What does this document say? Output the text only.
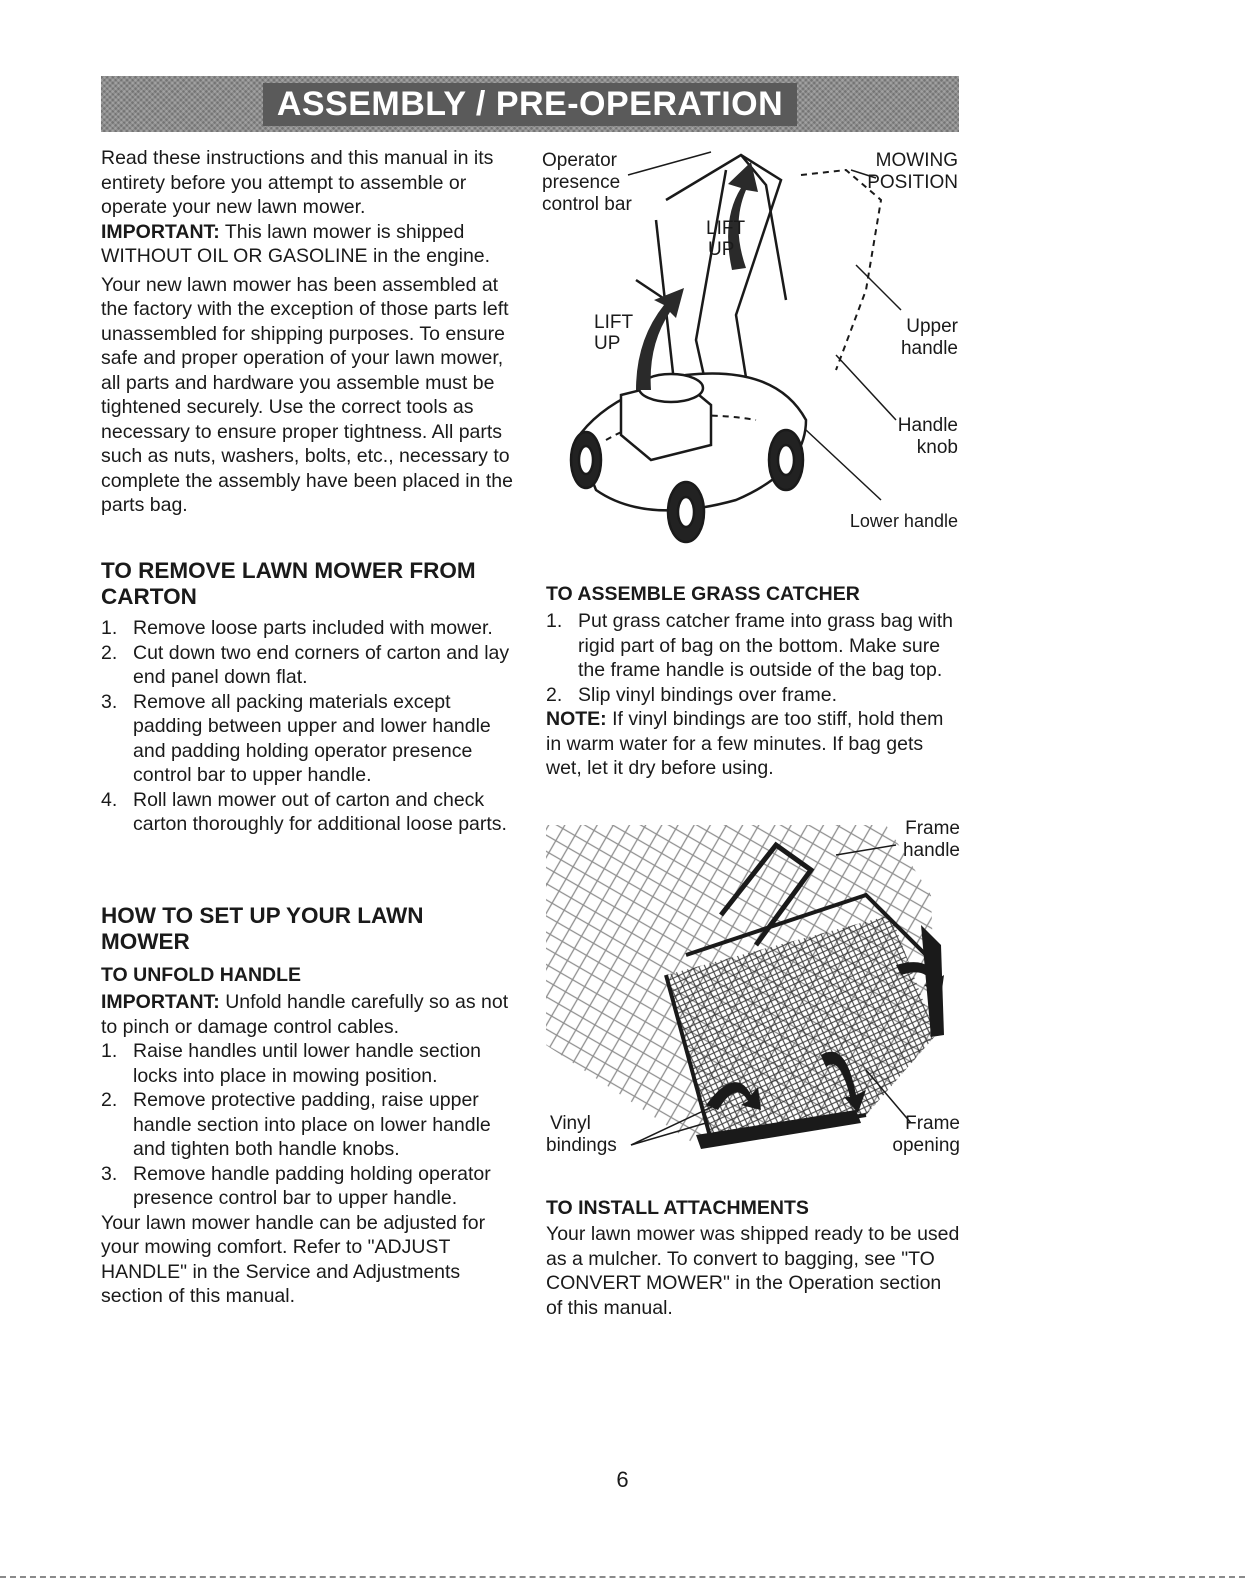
ASSEMBLY / PRE-OPERATION

Read these instructions and this manual in its entirety before you attempt to assemble or operate your new lawn mower.

IMPORTANT: This lawn mower is shipped WITHOUT OIL OR GASOLINE in the engine.

Your new lawn mower has been assembled at the factory with the exception of those parts left unassembled for shipping purposes. To ensure safe and proper operation of your lawn mower, all parts and hardware you assemble must be tightened securely. Use the correct tools as necessary to ensure proper tightness. All parts such as nuts, washers, bolts, etc., necessary to complete the assembly have been placed in the parts bag.

TO REMOVE LAWN MOWER FROM CARTON

1. Remove loose parts included with mower.
2. Cut down two end corners of carton and lay end panel down flat.
3. Remove all packing materials except padding between upper and lower handle and padding holding operator presence control bar to upper handle.
4. Roll lawn mower out of carton and check carton thoroughly for additional loose parts.

HOW TO SET UP YOUR LAWN MOWER

TO UNFOLD HANDLE

IMPORTANT: Unfold handle carefully so as not to pinch or damage control cables.

1. Raise handles until lower handle section locks into place in mowing position.
2. Remove protective padding, raise upper handle section into place on lower handle and tighten both handle knobs.
3. Remove handle padding holding operator presence control bar to upper handle.

Your lawn mower handle can be adjusted for your mowing comfort. Refer to "ADJUST HANDLE" in the Service and Adjustments section of this manual.

Operator
presence
control bar
MOWING
POSITION
LIFT
UP
LIFT
UP
Upper
handle
Handle
knob
Lower handle

TO ASSEMBLE GRASS CATCHER

1. Put grass catcher frame into grass bag with rigid part of bag on the bottom. Make sure the frame handle is outside of the bag top.
2. Slip vinyl bindings over frame.

NOTE: If vinyl bindings are too stiff, hold them in warm water for a few minutes. If bag gets wet, let it dry before using.

Frame
handle
Vinyl
bindings
Frame
opening

TO INSTALL ATTACHMENTS

Your lawn mower was shipped ready to be used as a mulcher. To convert to bagging, see "TO CONVERT MOWER" in the Operation section of this manual.

6
